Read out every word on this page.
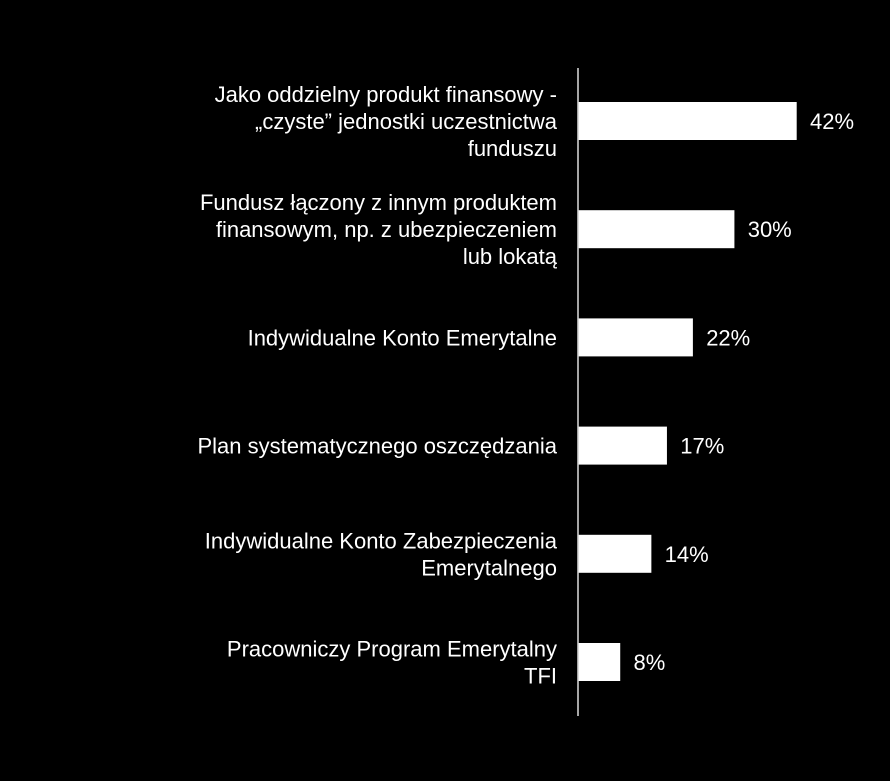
42%
Jako oddzielny produkt finansowy -„czyste” jednostki uczestnictwa funduszu
30%
Fundusz łączony z innym produktem finansowym, np. z ubezpieczeniem lub lokatą
22%
Indywidualne Konto Emerytalne
17%
Plan systematycznego oszczędzania
14%
Indywidualne Konto Zabezpieczenia Emerytalnego
8%
Pracowniczy Program Emerytalny TFI
